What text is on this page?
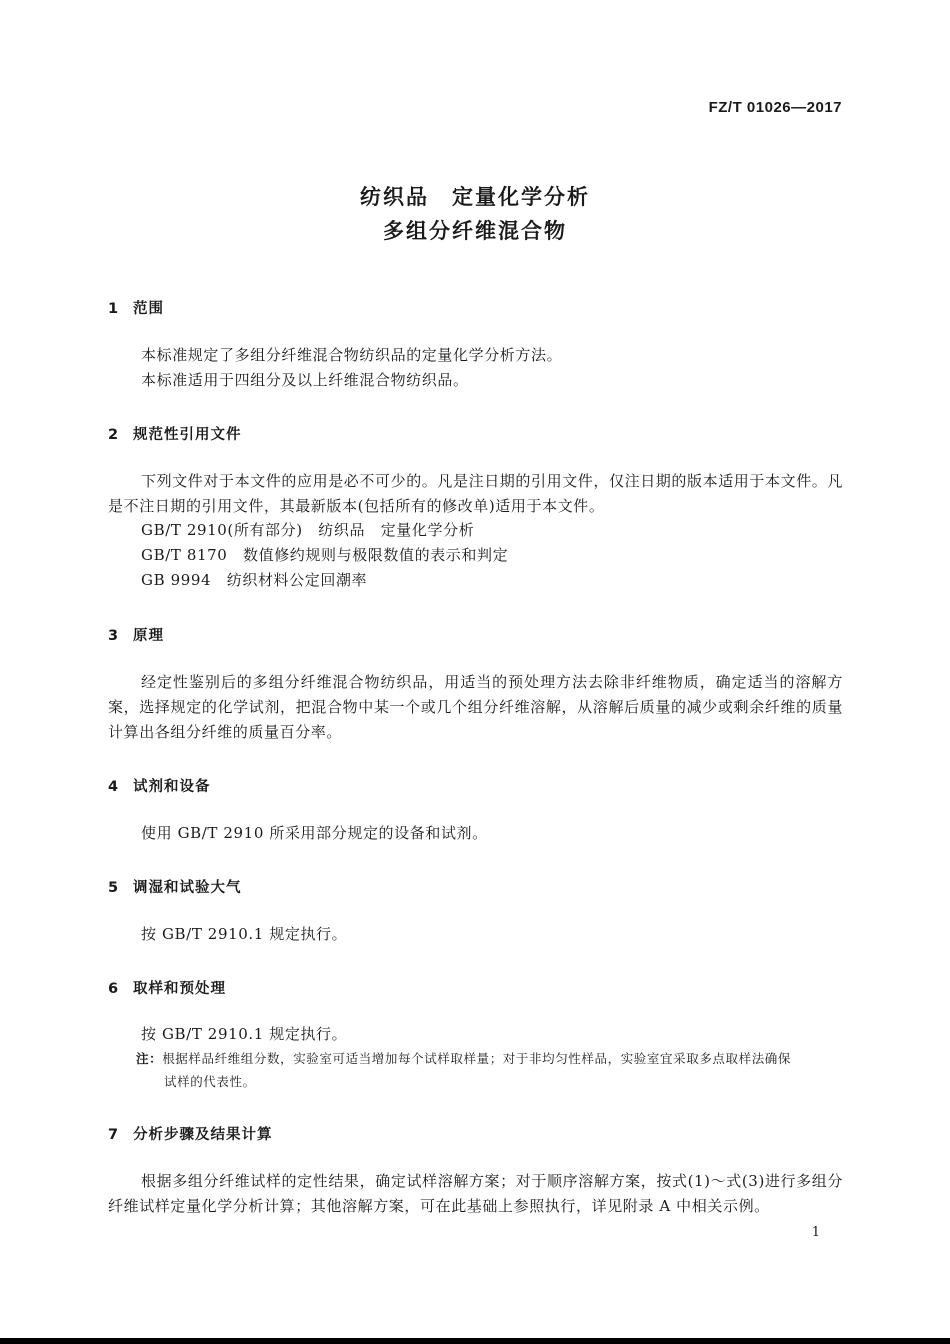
FZ/T 01026—2017
纺织品　定量化学分析
多组分纤维混合物
1 范围
本标准规定了多组分纤维混合物纺织品的定量化学分析方法。
本标准适用于四组分及以上纤维混合物纺织品。
2 规范性引用文件
下列文件对于本文件的应用是必不可少的。凡是注日期的引用文件，仅注日期的版本适用于本文件。凡是不注日期的引用文件，其最新版本(包括所有的修改单)适用于本文件。
GB/T 2910(所有部分)　纺织品　定量化学分析
GB/T 8170　数值修约规则与极限数值的表示和判定
GB 9994　纺织材料公定回潮率
3 原理
经定性鉴别后的多组分纤维混合物纺织品，用适当的预处理方法去除非纤维物质，确定适当的溶解方案，选择规定的化学试剂，把混合物中某一个或几个组分纤维溶解，从溶解后质量的减少或剩余纤维的质量计算出各组分纤维的质量百分率。
4 试剂和设备
使用 GB/T 2910 所采用部分规定的设备和试剂。
5 调湿和试验大气
按 GB/T 2910.1 规定执行。
6 取样和预处理
按 GB/T 2910.1 规定执行。
注：根据样品纤维组分数，实验室可适当增加每个试样取样量；对于非均匀性样品，实验室宜采取多点取样法确保
试样的代表性。
7 分析步骤及结果计算
根据多组分纤维试样的定性结果，确定试样溶解方案；对于顺序溶解方案，按式(1)～式(3)进行多组分纤维试样定量化学分析计算；其他溶解方案，可在此基础上参照执行，详见附录 A 中相关示例。
1
